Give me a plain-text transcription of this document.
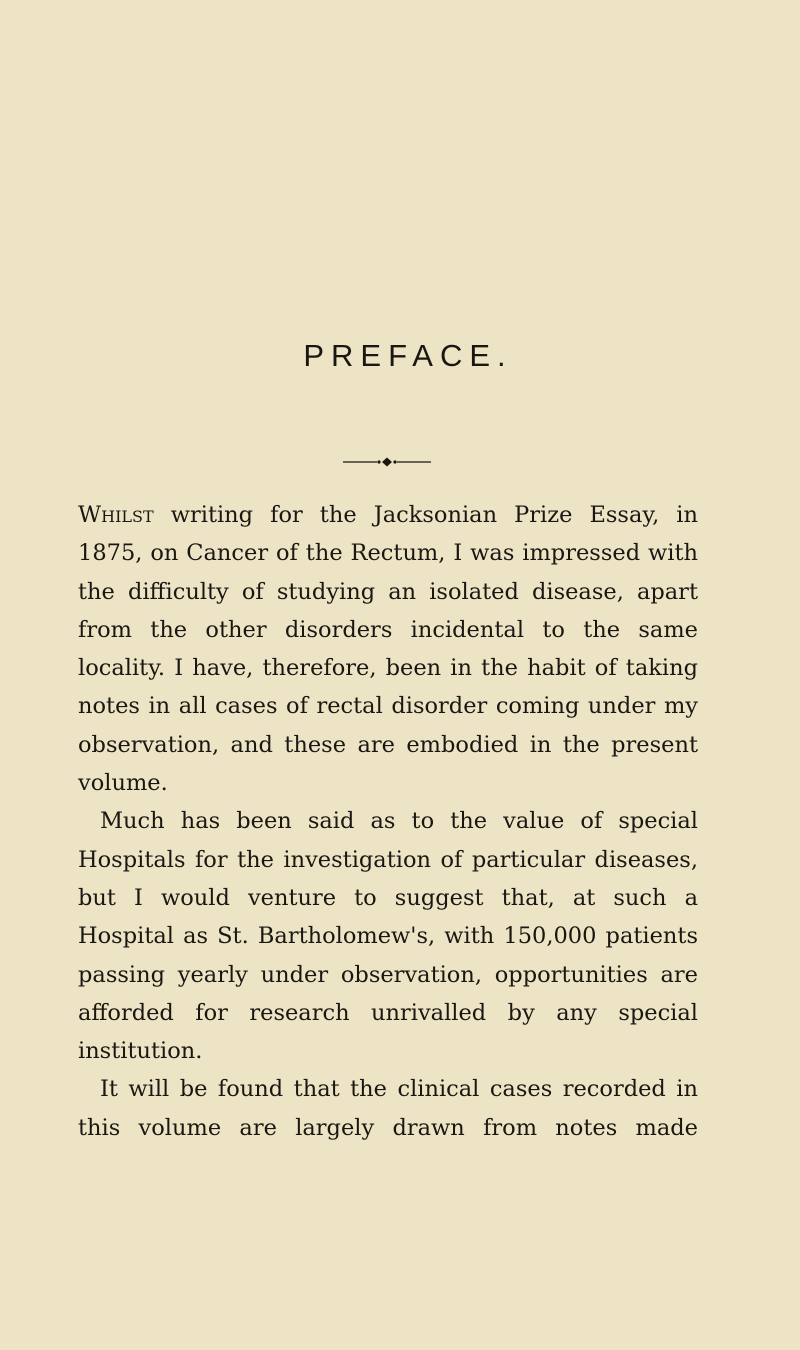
PREFACE.

Whilst writing for the Jacksonian Prize Essay, in 1875, on Cancer of the Rectum, I was impressed with the difficulty of studying an isolated disease, apart from the other disorders incidental to the same locality. I have, therefore, been in the habit of taking notes in all cases of rectal disorder coming under my observation, and these are embodied in the present volume.

Much has been said as to the value of special Hospitals for the investigation of particular diseases, but I would venture to suggest that, at such a Hospital as St. Bartholomew's, with 150,000 patients passing yearly under observation, opportunities are afforded for research unrivalled by any special institution.

It will be found that the clinical cases recorded in this volume are largely drawn from notes made
